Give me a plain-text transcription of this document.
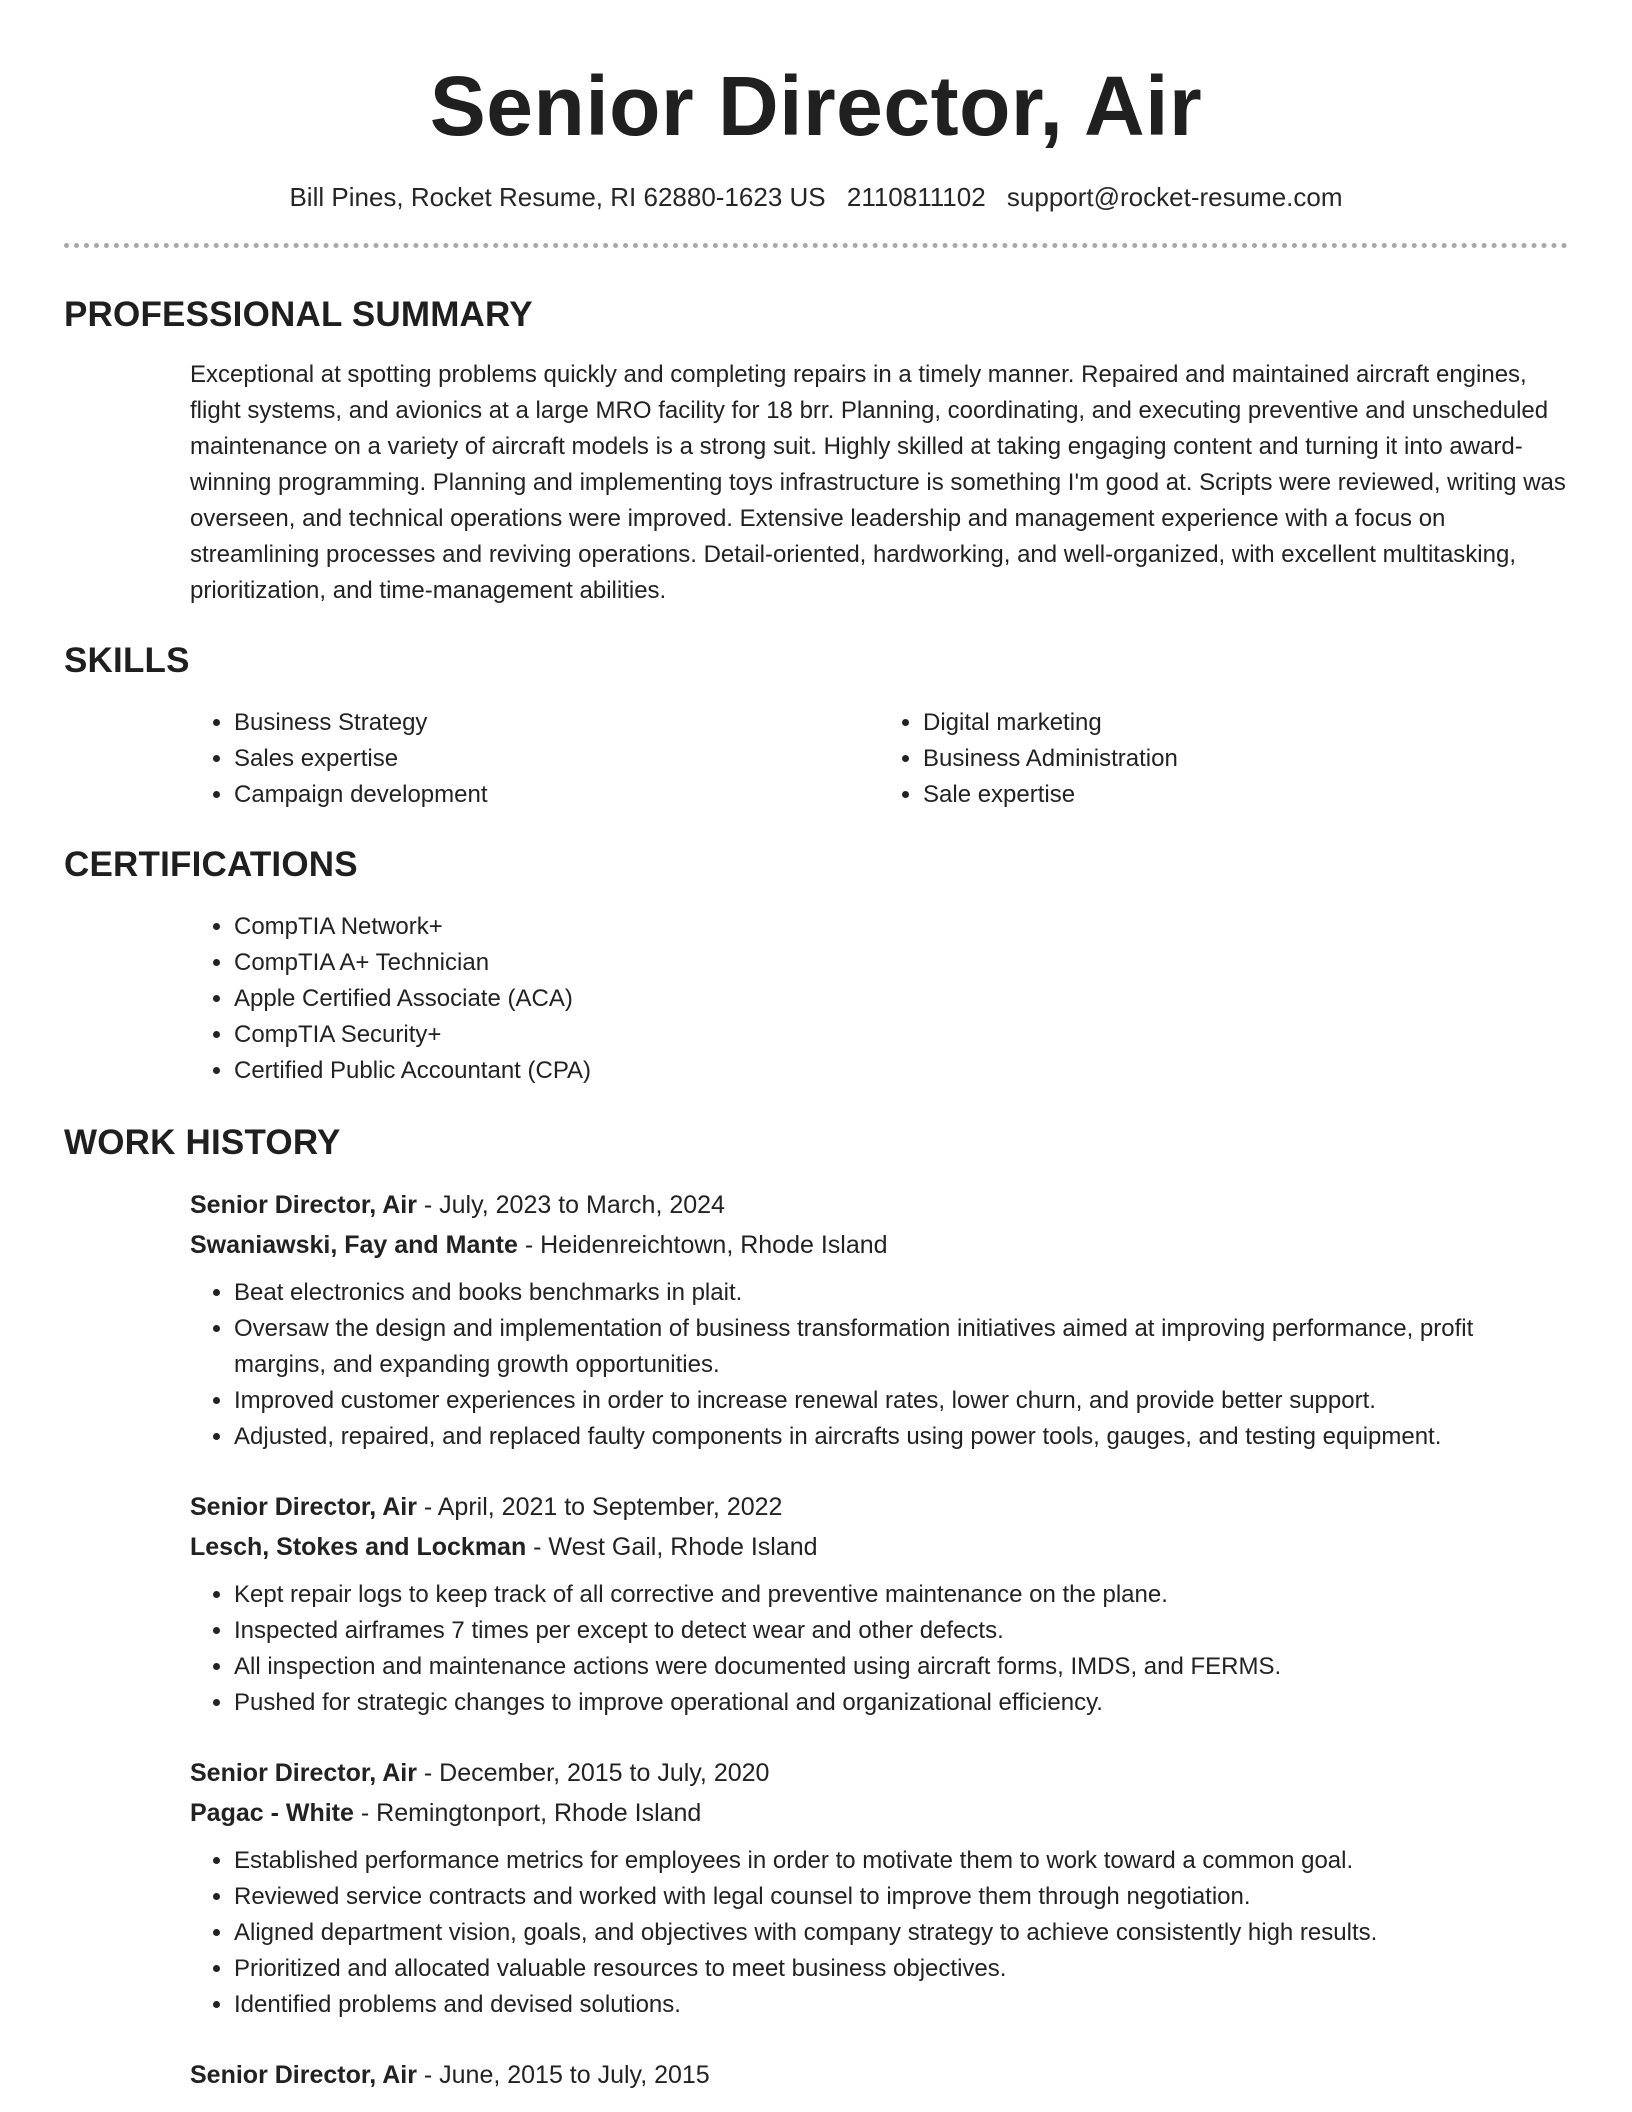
Senior Director, Air
Bill Pines, Rocket Resume, RI 62880-1623 US 2110811102 support@rocket-resume.com
PROFESSIONAL SUMMARY
Exceptional at spotting problems quickly and completing repairs in a timely manner. Repaired and maintained aircraft engines, flight systems, and avionics at a large MRO facility for 18 brr. Planning, coordinating, and executing preventive and unscheduled maintenance on a variety of aircraft models is a strong suit. Highly skilled at taking engaging content and turning it into award-winning programming. Planning and implementing toys infrastructure is something I'm good at. Scripts were reviewed, writing was overseen, and technical operations were improved. Extensive leadership and management experience with a focus on streamlining processes and reviving operations. Detail-oriented, hardworking, and well-organized, with excellent multitasking, prioritization, and time-management abilities.
SKILLS
• Business Strategy
• Sales expertise
• Campaign development
• Digital marketing
• Business Administration
• Sale expertise
CERTIFICATIONS
• CompTIA Network+
• CompTIA A+ Technician
• Apple Certified Associate (ACA)
• CompTIA Security+
• Certified Public Accountant (CPA)
WORK HISTORY
Senior Director, Air - July, 2023 to March, 2024
Swaniawski, Fay and Mante - Heidenreichtown, Rhode Island
• Beat electronics and books benchmarks in plait.
• Oversaw the design and implementation of business transformation initiatives aimed at improving performance, profit margins, and expanding growth opportunities.
• Improved customer experiences in order to increase renewal rates, lower churn, and provide better support.
• Adjusted, repaired, and replaced faulty components in aircrafts using power tools, gauges, and testing equipment.
Senior Director, Air - April, 2021 to September, 2022
Lesch, Stokes and Lockman - West Gail, Rhode Island
• Kept repair logs to keep track of all corrective and preventive maintenance on the plane.
• Inspected airframes 7 times per except to detect wear and other defects.
• All inspection and maintenance actions were documented using aircraft forms, IMDS, and FERMS.
• Pushed for strategic changes to improve operational and organizational efficiency.
Senior Director, Air - December, 2015 to July, 2020
Pagac - White - Remingtonport, Rhode Island
• Established performance metrics for employees in order to motivate them to work toward a common goal.
• Reviewed service contracts and worked with legal counsel to improve them through negotiation.
• Aligned department vision, goals, and objectives with company strategy to achieve consistently high results.
• Prioritized and allocated valuable resources to meet business objectives.
• Identified problems and devised solutions.
Senior Director, Air - June, 2015 to July, 2015
